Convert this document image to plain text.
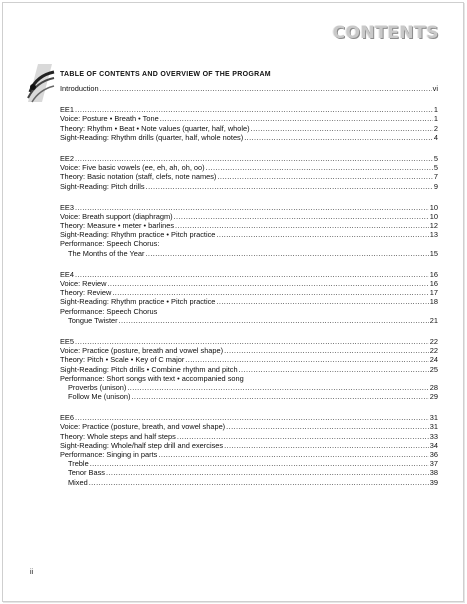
CONTENTS
TABLE OF CONTENTS AND OVERVIEW OF THE PROGRAM
Introduction .....	vi
EE1 .....	1
Voice: Posture • Breath • Tone .....	1
Theory: Rhythm • Beat • Note values (quarter, half, whole) .....	2
Sight-Reading: Rhythm drills (quarter, half, whole notes) .....	4
EE2 .....	5
Voice: Five basic vowels (ee, eh, ah, oh, oo) .....	5
Theory: Basic notation (staff, clefs, note names) .....	7
Sight-Reading: Pitch drills .....	9
EE3 .....	10
Voice: Breath support (diaphragm) .....	10
Theory: Measure • meter • barlines .....	12
Sight-Reading: Rhythm practice • Pitch practice .....	13
Performance: Speech Chorus:
The Months of the Year .....	15
EE4 .....	16
Voice: Review .....	16
Theory: Review .....	17
Sight-Reading: Rhythm practice • Pitch practice .....	18
Performance: Speech Chorus
Tongue Twister .....	21
EE5 .....	22
Voice: Practice (posture, breath and vowel shape) .....	22
Theory: Pitch • Scale • Key of C major .....	24
Sight-Reading: Pitch drills • Combine rhythm and pitch .....	25
Performance: Short songs with text • accompanied song
Proverbs (unison) .....	28
Follow Me (unison) .....	29
EE6 .....	31
Voice: Practice (posture, breath, and vowel shape) .....	31
Theory: Whole steps and half steps .....	33
Sight-Reading: Whole/half step drill and exercises .....	34
Performance: Singing in parts .....	36
Treble .....	37
Tenor Bass .....	38
Mixed .....	39
ii
